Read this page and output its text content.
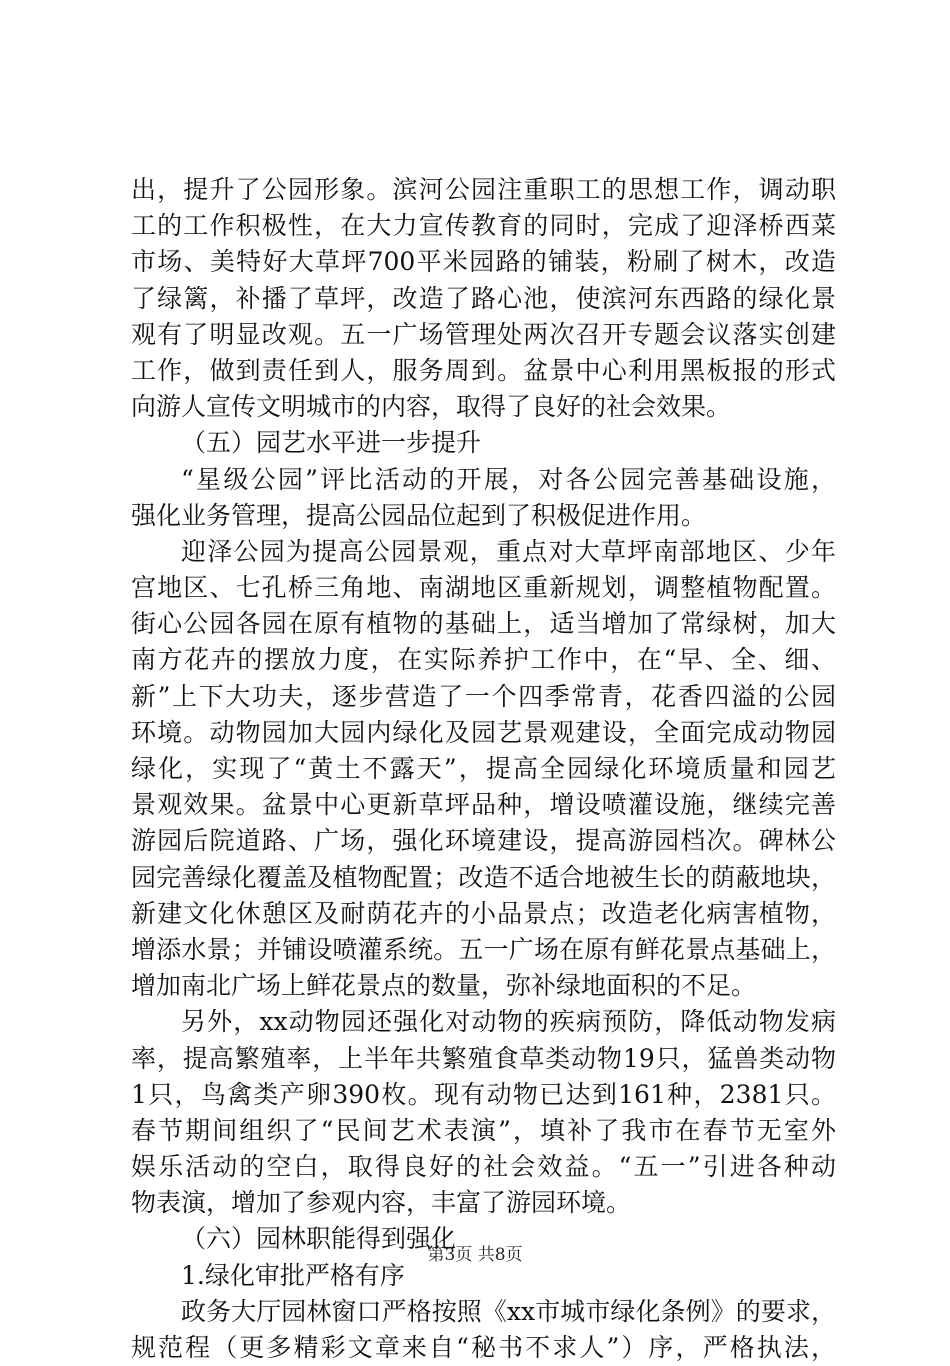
出，提升了公园形象。滨河公园注重职工的思想工作，调动职
工的工作积极性，在大力宣传教育的同时，完成了迎泽桥西菜
市场、美特好大草坪700平米园路的铺装，粉刷了树木，改造
了绿篱，补播了草坪，改造了路心池，使滨河东西路的绿化景
观有了明显改观。五一广场管理处两次召开专题会议落实创建
工作，做到责任到人，服务周到。盆景中心利用黑板报的形式
向游人宣传文明城市的内容，取得了良好的社会效果。
（五）园艺水平进一步提升
“星级公园”评比活动的开展，对各公园完善基础设施，
强化业务管理，提高公园品位起到了积极促进作用。
迎泽公园为提高公园景观，重点对大草坪南部地区、少年
宫地区、七孔桥三角地、南湖地区重新规划，调整植物配置。
街心公园各园在原有植物的基础上，适当增加了常绿树，加大
南方花卉的摆放力度，在实际养护工作中，在“早、全、细、
新”上下大功夫，逐步营造了一个四季常青，花香四溢的公园
环境。动物园加大园内绿化及园艺景观建设，全面完成动物园
绿化，实现了“黄土不露天”，提高全园绿化环境质量和园艺
景观效果。盆景中心更新草坪品种，增设喷灌设施，继续完善
游园后院道路、广场，强化环境建设，提高游园档次。碑林公
园完善绿化覆盖及植物配置；改造不适合地被生长的荫蔽地块，
新建文化休憩区及耐荫花卉的小品景点；改造老化病害植物，
增添水景；并铺设喷灌系统。五一广场在原有鲜花景点基础上，
增加南北广场上鲜花景点的数量，弥补绿地面积的不足。
另外，xx动物园还强化对动物的疾病预防，降低动物发病
率，提高繁殖率，上半年共繁殖食草类动物19只，猛兽类动物
1只，鸟禽类产卵390枚。现有动物已达到161种，2381只。
春节期间组织了“民间艺术表演”，填补了我市在春节无室外
娱乐活动的空白，取得良好的社会效益。“五一”引进各种动
物表演，增加了参观内容，丰富了游园环境。
（六）园林职能得到强化
1.绿化审批严格有序
政务大厅园林窗口严格按照《xx市城市绿化条例》的要求，
规范程（更多精彩文章来自“秘书不求人”）序，严格执法，
第3页 共8页
